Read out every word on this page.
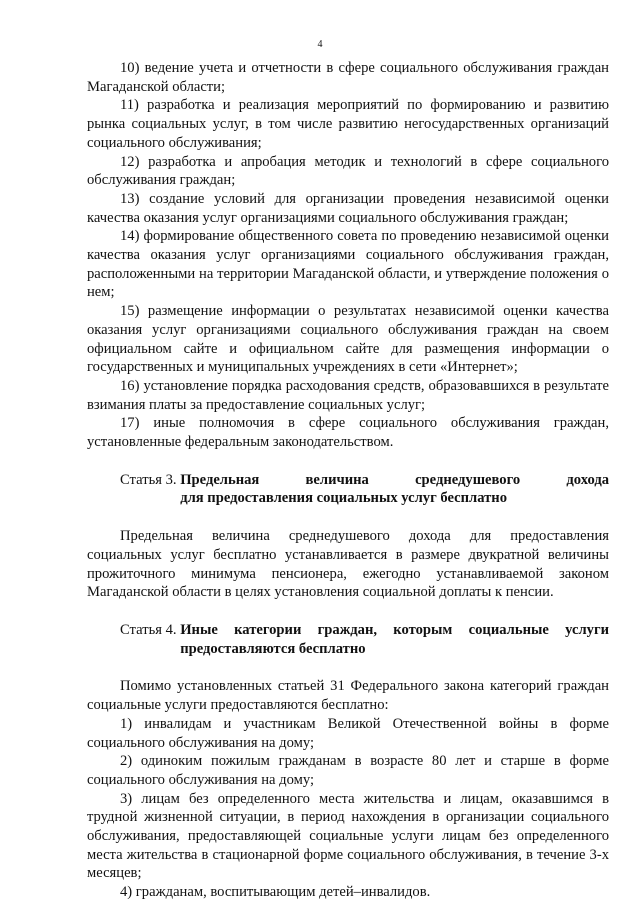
4

10) ведение учета и отчетности в сфере социального обслуживания граждан Магаданской области;

11) разработка и реализация мероприятий по формированию и развитию рынка социальных услуг, в том числе развитию негосударственных организаций социального обслуживания;

12) разработка и апробация методик и технологий в сфере социального обслуживания граждан;

13) создание условий для организации проведения независимой оценки качества оказания услуг организациями социального обслуживания граждан;

14) формирование общественного совета по проведению независимой оценки качества оказания услуг организациями социального обслуживания граждан, расположенными на территории Магаданской области, и утверждение положения о нем;

15) размещение информации о результатах независимой оценки качества оказания услуг организациями социального обслуживания граждан на своем официальном сайте и официальном сайте для размещения информации о государственных и муниципальных учреждениях в сети «Интернет»;

16) установление порядка расходования средств, образовавшихся в результате взимания платы за предоставление социальных услуг;

17) иные полномочия в сфере социального обслуживания граждан, установленные федеральным законодательством.

Статья 3. Предельная величина среднедушевого дохода
для предоставления социальных услуг бесплатно

Предельная величина среднедушевого дохода для предоставления социальных услуг бесплатно устанавливается в размере двукратной величины прожиточного минимума пенсионера, ежегодно устанавливаемой законом Магаданской области в целях установления социальной доплаты к пенсии.

Статья 4. Иные категории граждан, которым социальные услуги
предоставляются бесплатно

Помимо установленных статьей 31 Федерального закона категорий граждан социальные услуги предоставляются бесплатно:

1) инвалидам и участникам Великой Отечественной войны в форме социального обслуживания на дому;

2) одиноким пожилым гражданам в возрасте 80 лет и старше в форме социального обслуживания на дому;

3) лицам без определенного места жительства и лицам, оказавшимся в трудной жизненной ситуации, в период нахождения в организации социального обслуживания, предоставляющей социальные услуги лицам без определенного места жительства в стационарной форме социального обслуживания, в течение 3-х месяцев;

4) гражданам, воспитывающим детей–инвалидов.
